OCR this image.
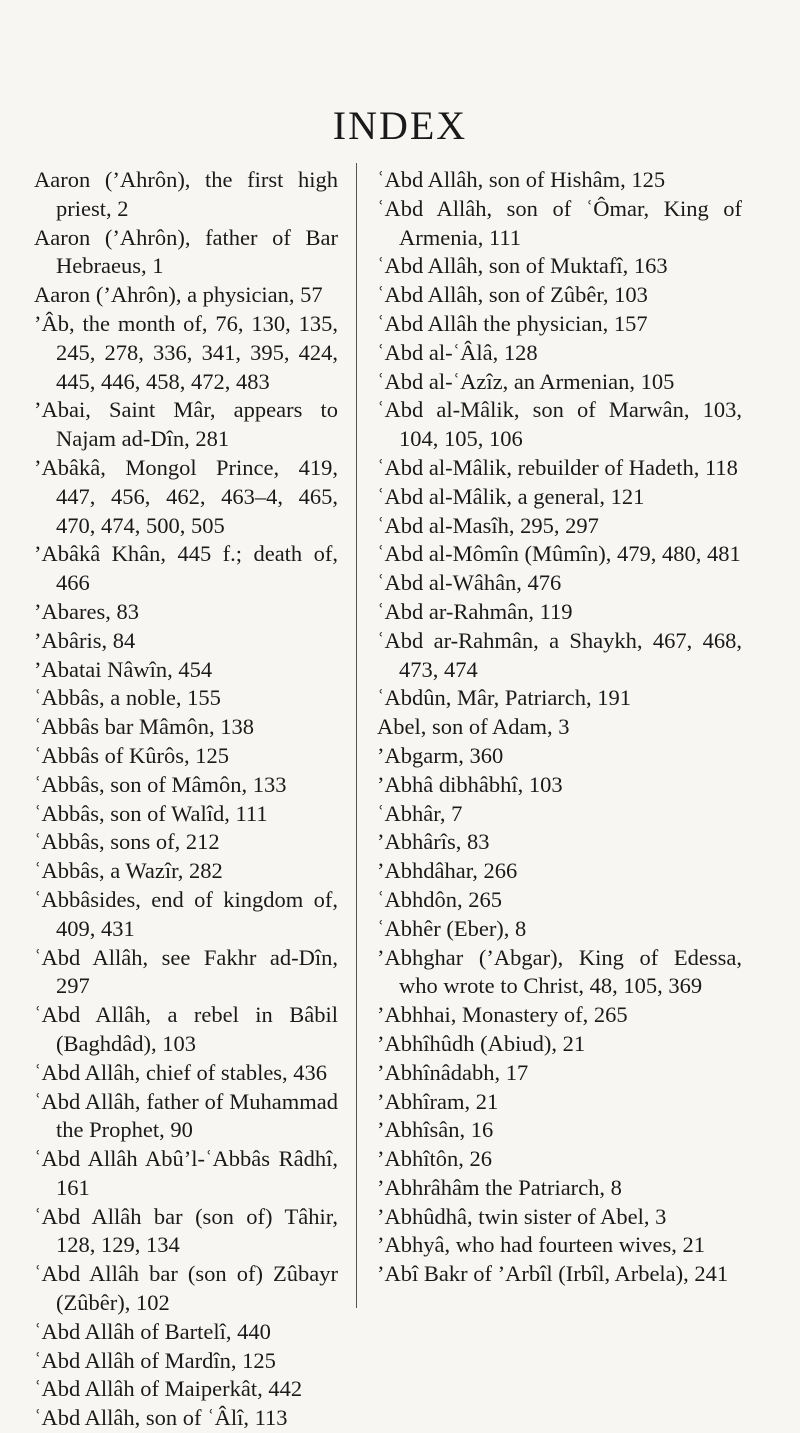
INDEX

Aaron (’Ahrôn), the first high priest, 2

Aaron (’Ahrôn), father of Bar Hebraeus, 1

Aaron (’Ahrôn), a physician, 57

’Âb, the month of, 76, 130, 135, 245, 278, 336, 341, 395, 424, 445, 446, 458, 472, 483

’Abai, Saint Mâr, appears to Najam ad-Dîn, 281

’Abâkâ, Mongol Prince, 419, 447, 456, 462, 463–4, 465, 470, 474, 500, 505

’Abâkâ Khân, 445 f.; death of, 466

’Abares, 83

’Abâris, 84

’Abatai Nâwîn, 454

ʿAbbâs, a noble, 155

ʿAbbâs bar Mâmôn, 138

ʿAbbâs of Kûrôs, 125

ʿAbbâs, son of Mâmôn, 133

ʿAbbâs, son of Walîd, 111

ʿAbbâs, sons of, 212

ʿAbbâs, a Wazîr, 282

ʿAbbâsides, end of kingdom of, 409, 431

ʿAbd Allâh, see Fakhr ad-Dîn, 297

ʿAbd Allâh, a rebel in Bâbil (Baghdâd), 103

ʿAbd Allâh, chief of stables, 436

ʿAbd Allâh, father of Muhammad the Prophet, 90

ʿAbd Allâh Abû’l-ʿAbbâs Râdhî, 161

ʿAbd Allâh bar (son of) Tâhir, 128, 129, 134

ʿAbd Allâh bar (son of) Zûbayr (Zûbêr), 102

ʿAbd Allâh of Bartelî, 440

ʿAbd Allâh of Mardîn, 125

ʿAbd Allâh of Maiperkât, 442

ʿAbd Allâh, son of ʿÂlî, 113

ʿAbd Allâh, son of Hishâm, 125

ʿAbd Allâh, son of ʿÔmar, King of Armenia, 111

ʿAbd Allâh, son of Muktafî, 163

ʿAbd Allâh, son of Zûbêr, 103

ʿAbd Allâh the physician, 157

ʿAbd al-ʿÂlâ, 128

ʿAbd al-ʿAzîz, an Armenian, 105

ʿAbd al-Mâlik, son of Marwân, 103, 104, 105, 106

ʿAbd al-Mâlik, rebuilder of Hadeth, 118

ʿAbd al-Mâlik, a general, 121

ʿAbd al-Masîh, 295, 297

ʿAbd al-Mômîn (Mûmîn), 479, 480, 481

ʿAbd al-Wâhân, 476

ʿAbd ar-Rahmân, 119

ʿAbd ar-Rahmân, a Shaykh, 467, 468, 473, 474

ʿAbdûn, Mâr, Patriarch, 191

Abel, son of Adam, 3

’Abgarm, 360

’Abhâ dibhâbhî, 103

ʿAbhâr, 7

’Abhârîs, 83

’Abhdâhar, 266

ʿAbhdôn, 265

ʿAbhêr (Eber), 8

’Abhghar (’Abgar), King of Edessa, who wrote to Christ, 48, 105, 369

’Abhhai, Monastery of, 265

’Abhîhûdh (Abiud), 21

’Abhînâdabh, 17

’Abhîram, 21

’Abhîsân, 16

’Abhîtôn, 26

’Abhrâhâm the Patriarch, 8

’Abhûdhâ, twin sister of Abel, 3

’Abhyâ, who had fourteen wives, 21

’Abî Bakr of ’Arbîl (Irbîl, Arbela), 241
